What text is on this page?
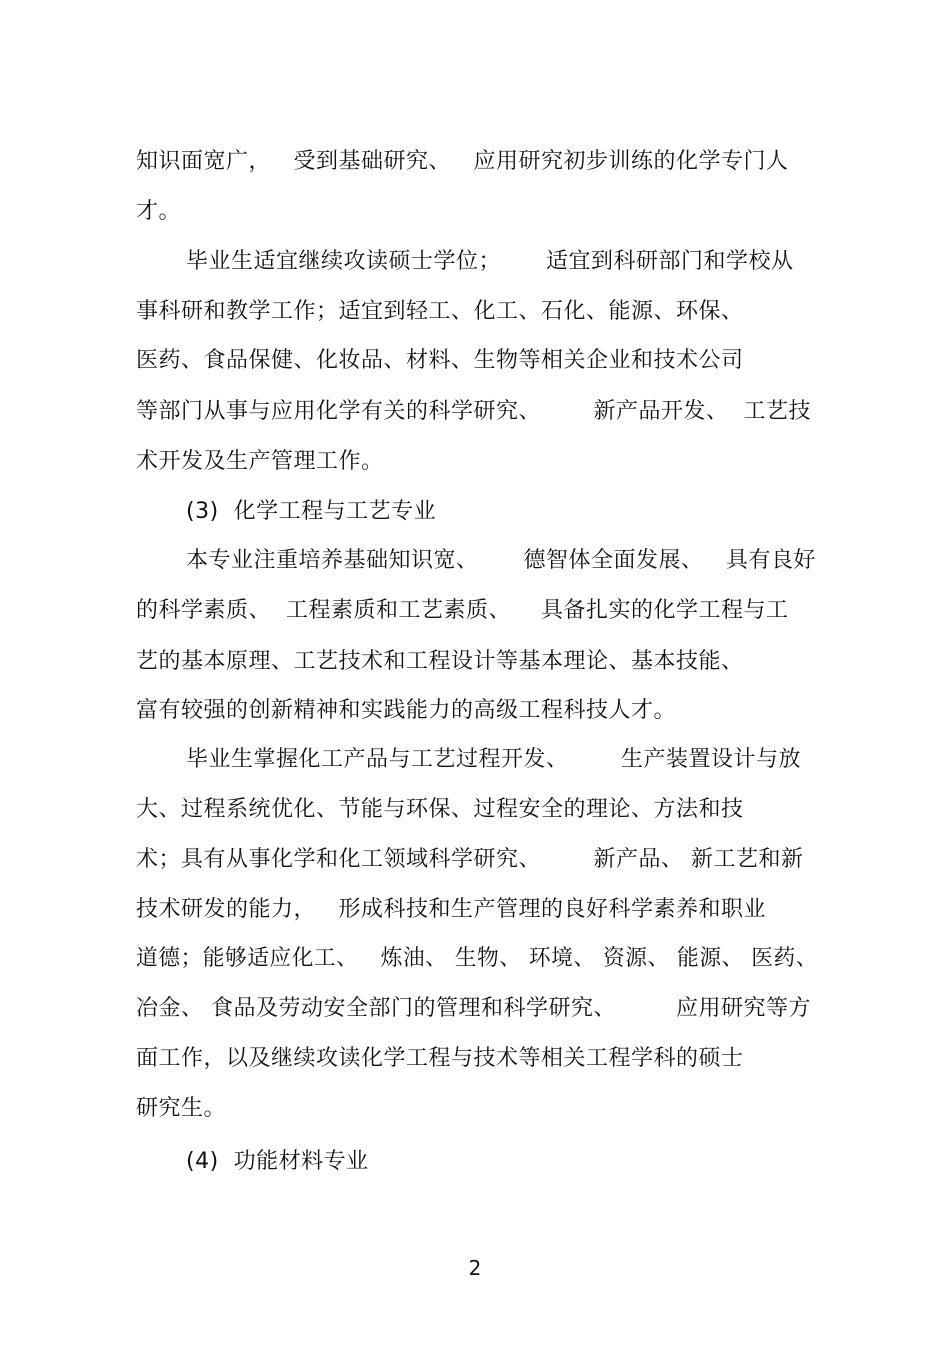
知识面宽广，   受到基础研究、   应用研究初步训练的化学专门人
才。
毕业生适宜继续攻读硕士学位；      适宜到科研部门和学校从
事科研和教学工作；适宜到轻工、化工、石化、能源、环保、
医药、食品保健、化妆品、材料、生物等相关企业和技术公司
等部门从事与应用化学有关的科学研究、       新产品开发、  工艺技
术开发及生产管理工作。
(3)  化学工程与工艺专业
本专业注重培养基础知识宽、      德智体全面发展、   具有良好
的科学素质、  工程素质和工艺素质、    具备扎实的化学工程与工
艺的基本原理、工艺技术和工程设计等基本理论、基本技能、
富有较强的创新精神和实践能力的高级工程科技人才。
毕业生掌握化工产品与工艺过程开发、       生产装置设计与放
大、过程系统优化、节能与环保、过程安全的理论、方法和技
术；具有从事化学和化工领域科学研究、       新产品、 新工艺和新
技术研发的能力，   形成科技和生产管理的良好科学素养和职业
道德；能够适应化工、   炼油、 生物、 环境、 资源、 能源、 医药、
冶金、 食品及劳动安全部门的管理和科学研究、        应用研究等方
面工作，以及继续攻读化学工程与技术等相关工程学科的硕士
研究生。
(4)  功能材料专业
2
